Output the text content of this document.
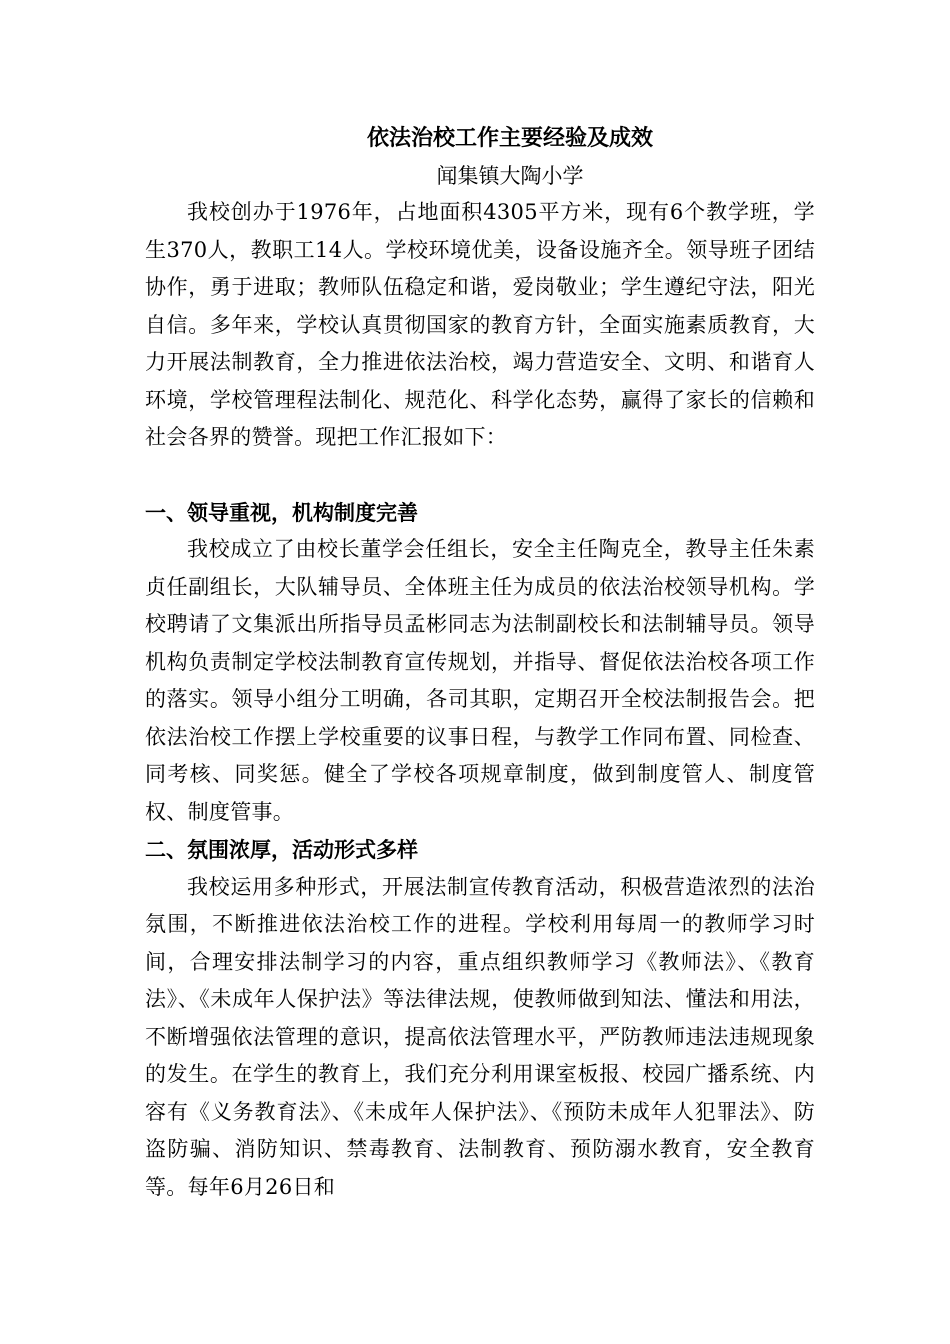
依法治校工作主要经验及成效

闻集镇大陶小学

我校创办于1976年，占地面积4305平方米，现有6个教学班，学生370人，教职工14人。学校环境优美，设备设施齐全。领导班子团结协作，勇于进取；教师队伍稳定和谐，爱岗敬业；学生遵纪守法，阳光自信。多年来，学校认真贯彻国家的教育方针，全面实施素质教育，大力开展法制教育，全力推进依法治校，竭力营造安全、文明、和谐育人环境，学校管理程法制化、规范化、科学化态势，赢得了家长的信赖和社会各界的赞誉。现把工作汇报如下：

一、领导重视，机构制度完善

我校成立了由校长董学会任组长，安全主任陶克全，教导主任朱素贞任副组长，大队辅导员、全体班主任为成员的依法治校领导机构。学校聘请了文集派出所指导员孟彬同志为法制副校长和法制辅导员。领导机构负责制定学校法制教育宣传规划，并指导、督促依法治校各项工作的落实。领导小组分工明确，各司其职，定期召开全校法制报告会。把依法治校工作摆上学校重要的议事日程，与教学工作同布置、同检查、同考核、同奖惩。健全了学校各项规章制度，做到制度管人、制度管权、制度管事。

二、氛围浓厚，活动形式多样

我校运用多种形式，开展法制宣传教育活动，积极营造浓烈的法治氛围，不断推进依法治校工作的进程。学校利用每周一的教师学习时间，合理安排法制学习的内容，重点组织教师学习《教师法》、《教育法》、《未成年人保护法》等法律法规，使教师做到知法、懂法和用法，不断增强依法管理的意识，提高依法管理水平，严防教师违法违规现象的发生。在学生的教育上，我们充分利用课室板报、校园广播系统、内容有《义务教育法》、《未成年人保护法》、《预防未成年人犯罪法》、防盗防骗、消防知识、禁毒教育、法制教育、预防溺水教育，安全教育等。每年6月26日和
